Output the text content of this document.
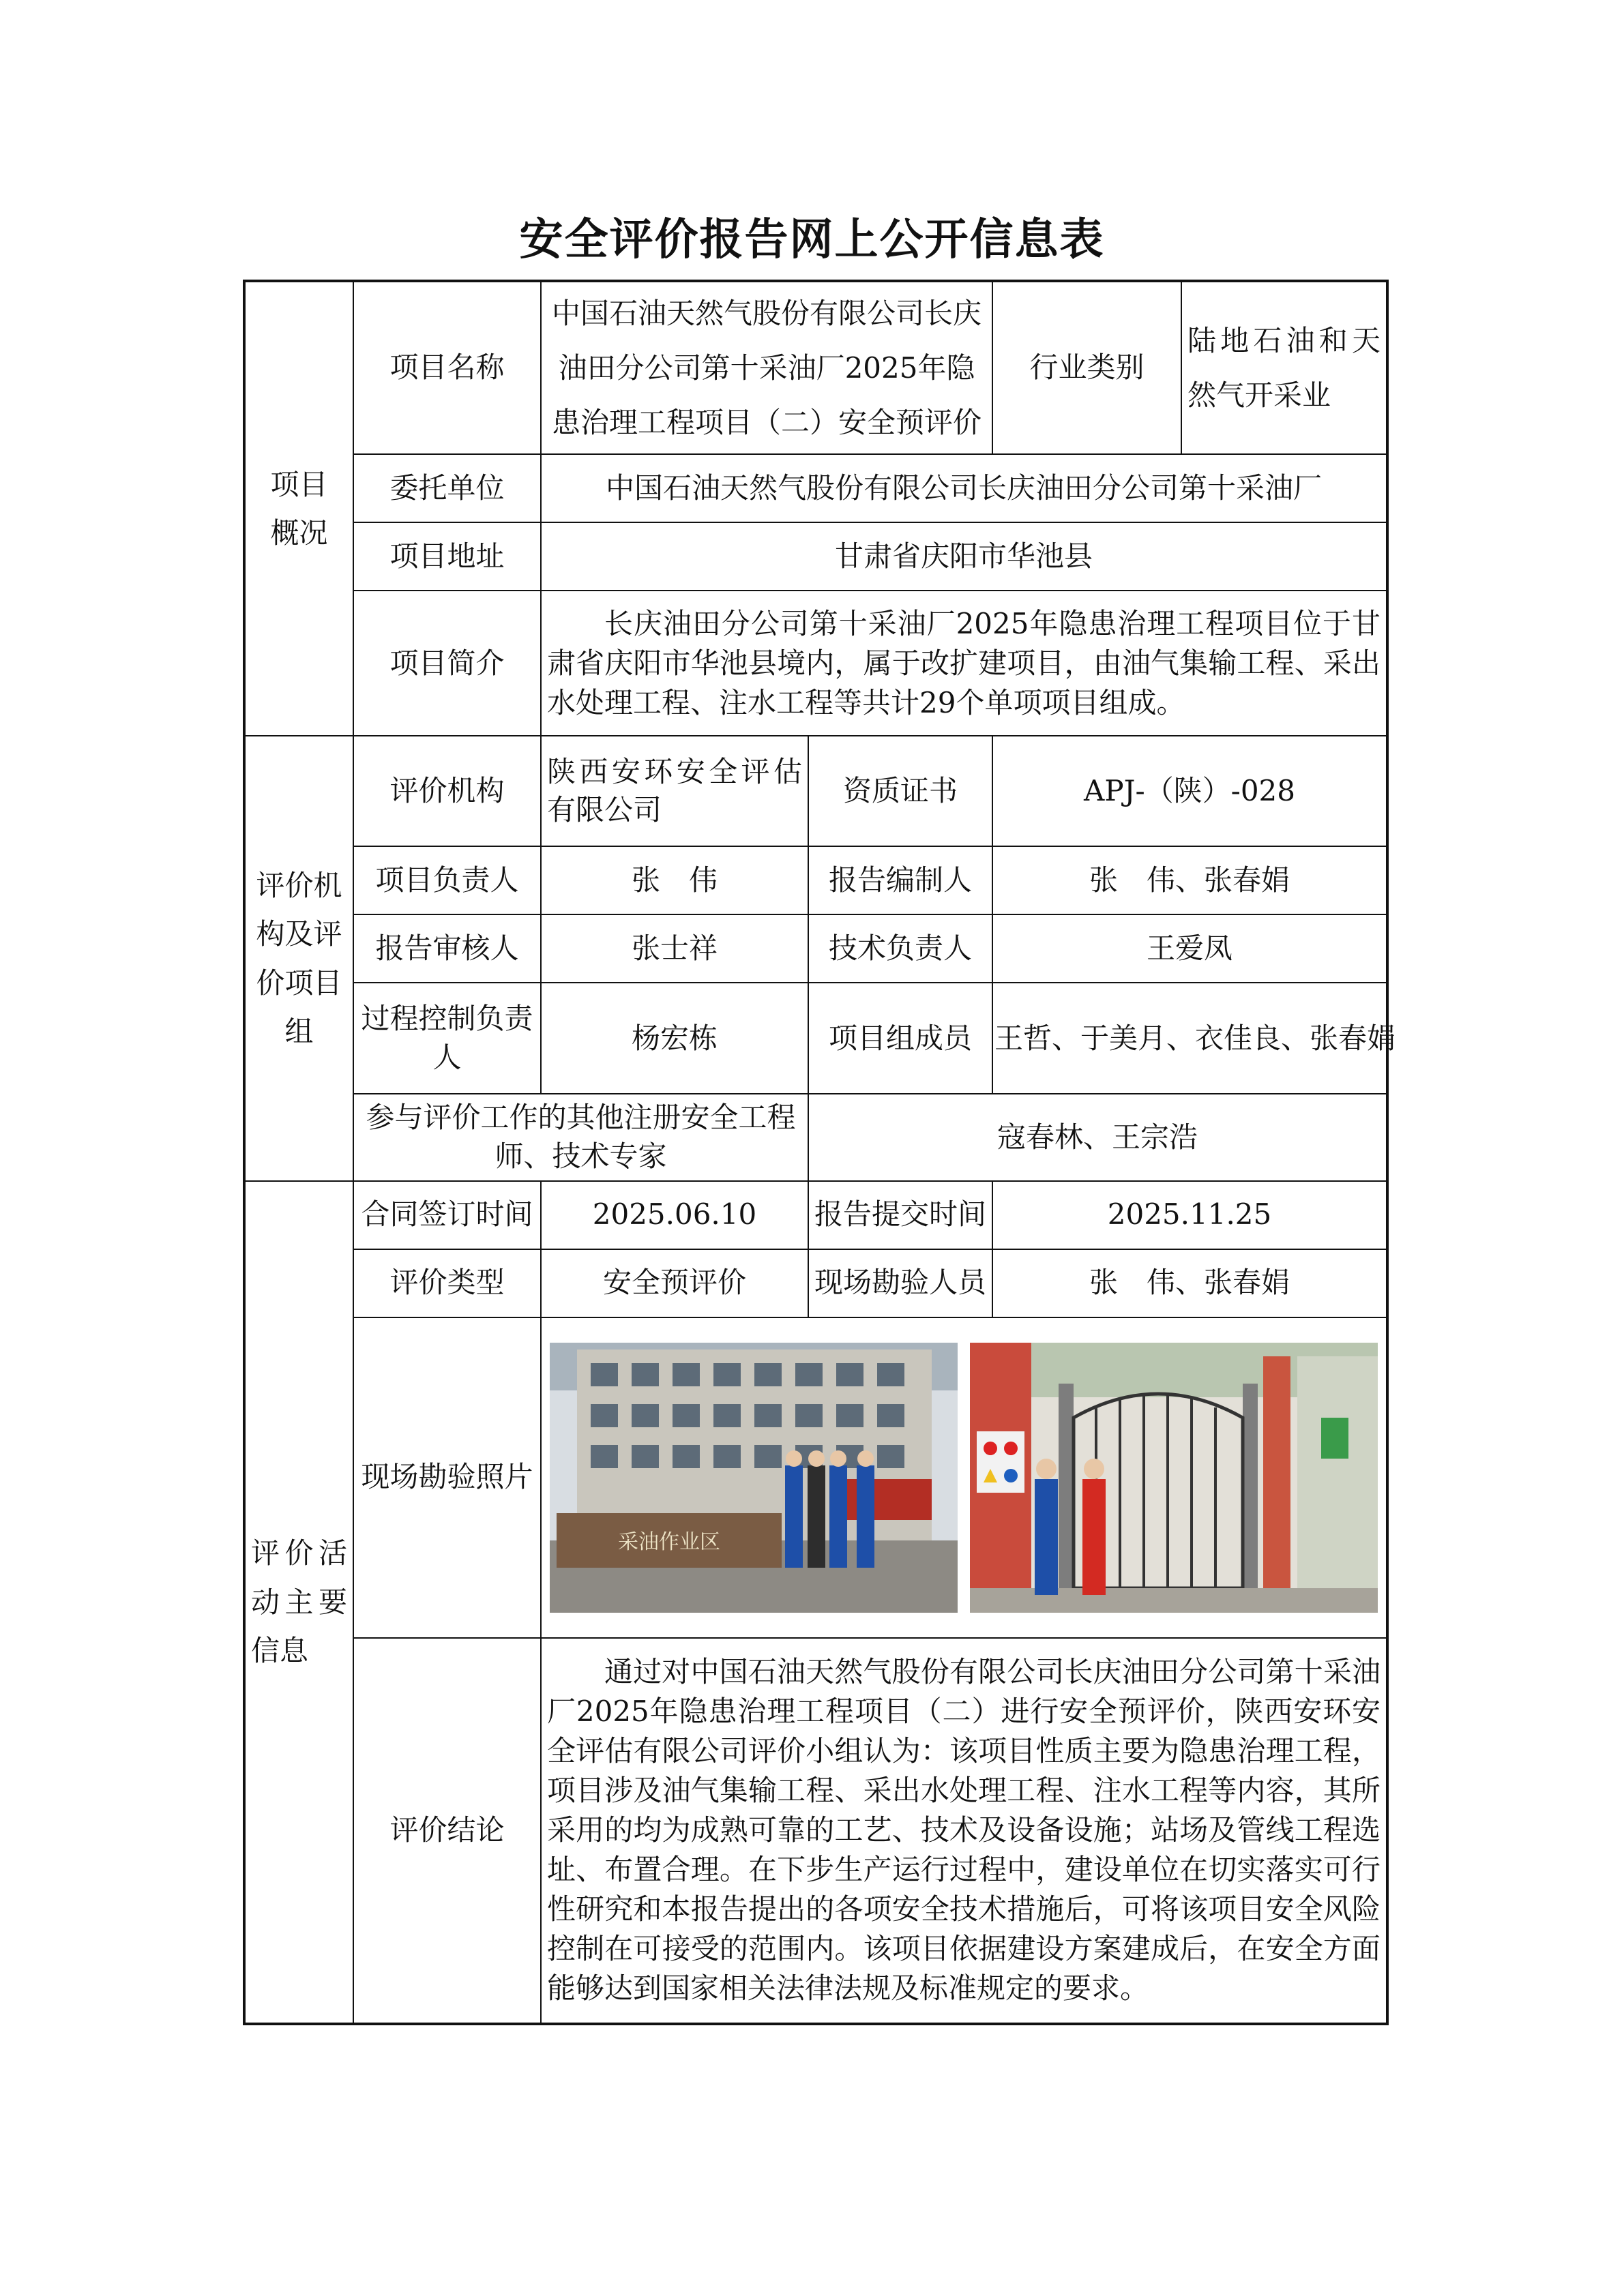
安全评价报告网上公开信息表
项目
概况	项目名称	中国石油天然气股份有限公司长庆油田分公司第十采油厂2025年隐患治理工程项目（二）安全预评价		行业类别	陆地石油和天然气开采业
	委托单位	中国石油天然气股份有限公司长庆油田分公司第十采油厂			
	项目地址	甘肃省庆阳市华池县			
	项目简介	长庆油田分公司第十采油厂2025年隐患治理工程项目位于甘肃省庆阳市华池县境内，属于改扩建项目，由油气集输工程、采出水处理工程、注水工程等共计29个单项项目组成。			
评价机构及评价项目组	评价机构	陕西安环安全评估有限公司	资质证书	APJ-（陕）-028	
	项目负责人	张　伟	报告编制人	张　伟、张春娟	
	报告审核人	张士祥	技术负责人	王爱凤	
	过程控制负责人	杨宏栋	项目组成员	王哲、于美月、衣佳良、张春娟	
	参与评价工作的其他注册安全工程师、技术专家		寇春林、王宗浩		
评价活动主要信息	合同签订时间	2025.06.10	报告提交时间	2025.11.25	
	评价类型	安全预评价	现场勘验人员	张　伟、张春娟	
	现场勘验照片	采油作业区			

	评价结论	通过对中国石油天然气股份有限公司长庆油田分公司第十采油厂2025年隐患治理工程项目（二）进行安全预评价，陕西安环安全评估有限公司评价小组认为：该项目性质主要为隐患治理工程，项目涉及油气集输工程、采出水处理工程、注水工程等内容，其所采用的均为成熟可靠的工艺、技术及设备设施；站场及管线工程选址、布置合理。在下步生产运行过程中，建设单位在切实落实可行性研究和本报告提出的各项安全技术措施后，可将该项目安全风险控制在可接受的范围内。该项目依据建设方案建成后，在安全方面能够达到国家相关法律法规及标准规定的要求。			
